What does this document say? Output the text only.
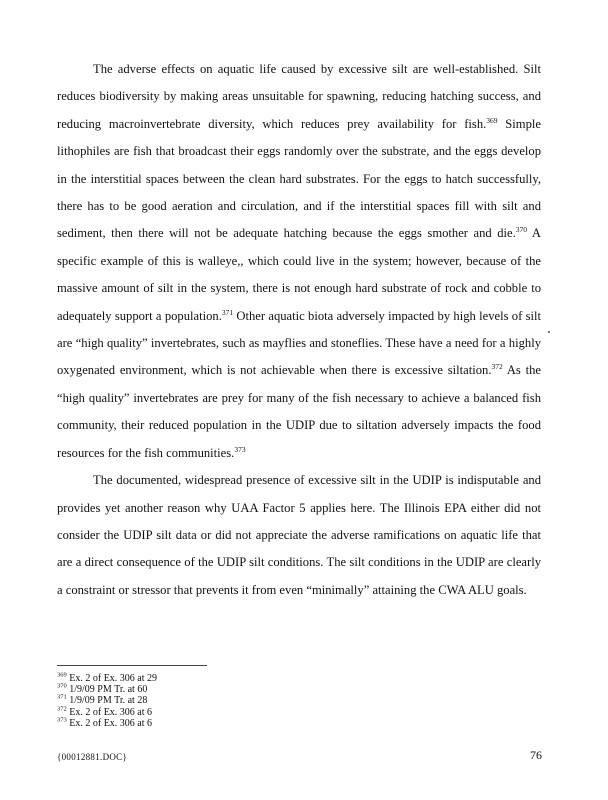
The adverse effects on aquatic life caused by excessive silt are well-established. Silt reduces biodiversity by making areas unsuitable for spawning, reducing hatching success, and reducing macroinvertebrate diversity, which reduces prey availability for fish.$^{369}$ Simple lithophiles are fish that broadcast their eggs randomly over the substrate, and the eggs develop in the interstitial spaces between the clean hard substrates. For the eggs to hatch successfully, there has to be good aeration and circulation, and if the interstitial spaces fill with silt and sediment, then there will not be adequate hatching because the eggs smother and die.$^{370}$ A specific example of this is walleye,, which could live in the system; however, because of the massive amount of silt in the system, there is not enough hard substrate of rock and cobble to adequately support a population.$^{371}$ Other aquatic biota adversely impacted by high levels of silt are “high quality” invertebrates, such as mayflies and stoneflies. These have a need for a highly oxygenated environment, which is not achievable when there is excessive siltation.$^{372}$ As the “high quality” invertebrates are prey for many of the fish necessary to achieve a balanced fish community, their reduced population in the UDIP due to siltation adversely impacts the food resources for the fish communities.$^{373}$

The documented, widespread presence of excessive silt in the UDIP is indisputable and provides yet another reason why UAA Factor 5 applies here. The Illinois EPA either did not consider the UDIP silt data or did not appreciate the adverse ramifications on aquatic life that are a direct consequence of the UDIP silt conditions. The silt conditions in the UDIP are clearly a constraint or stressor that prevents it from even “minimally” attaining the CWA ALU goals.

$^{369}$ Ex. 2 of Ex. 306 at 29
$^{370}$ 1/9/09 PM Tr. at 60
$^{371}$ 1/9/09 PM Tr. at 28
$^{372}$ Ex. 2 of Ex. 306 at 6
$^{373}$ Ex. 2 of Ex. 306 at 6
{00012881.DOC}	76
